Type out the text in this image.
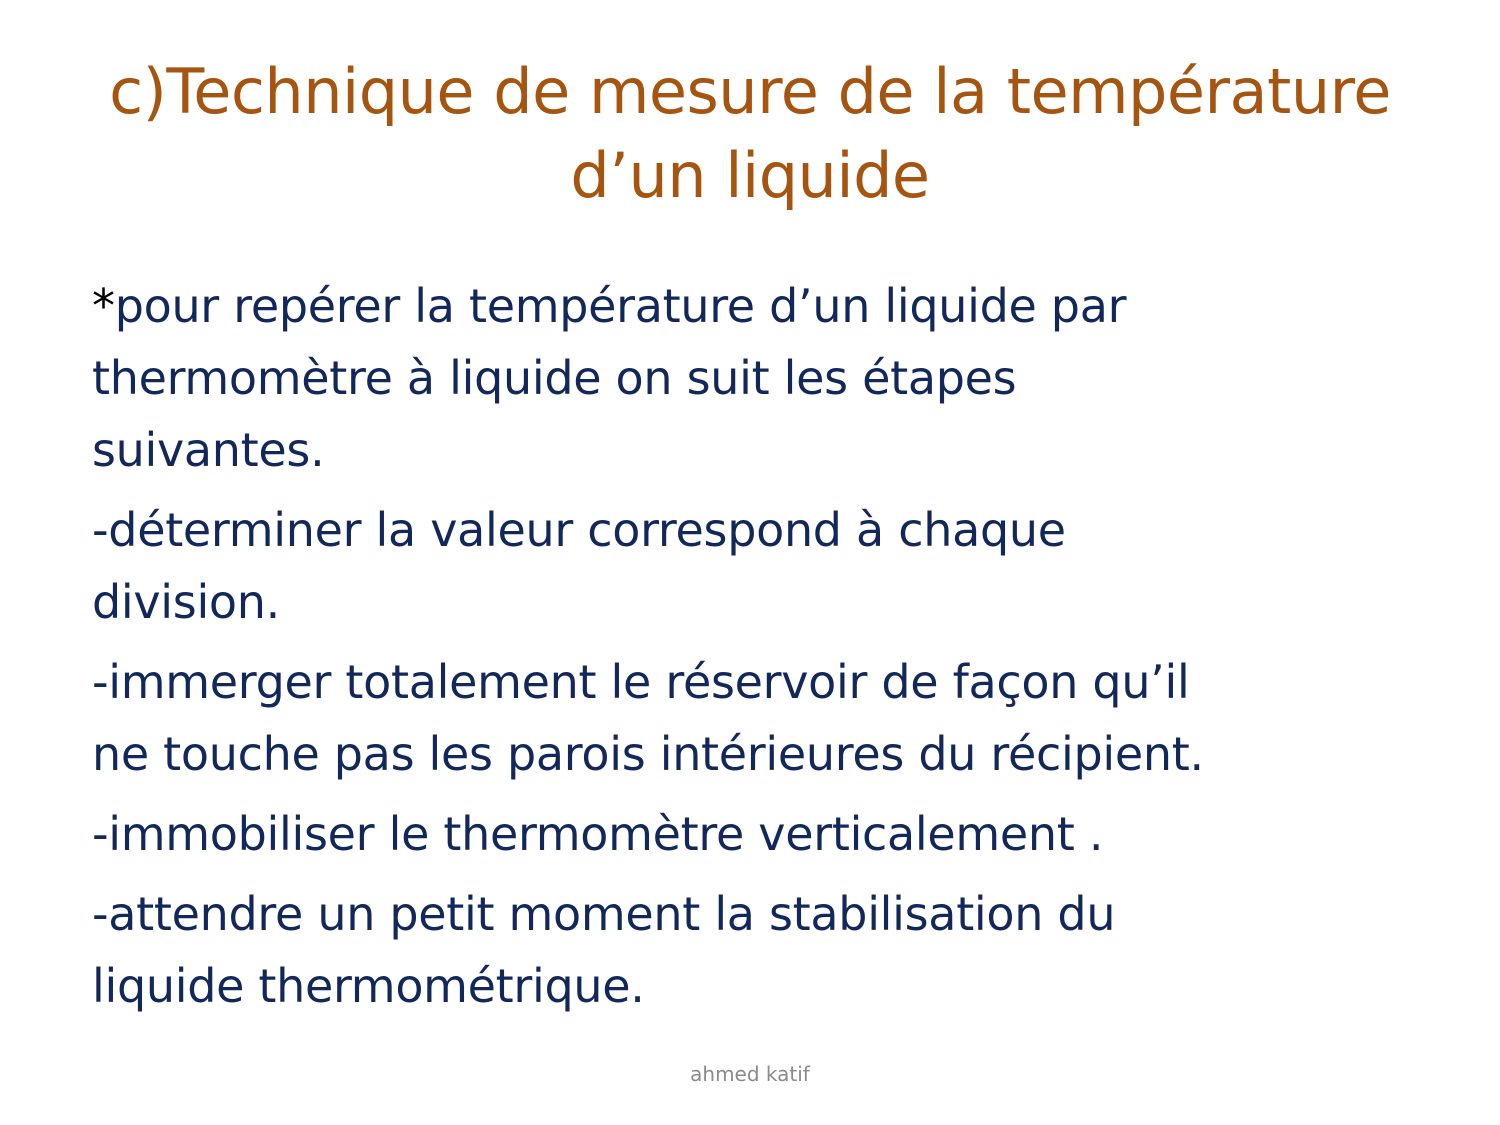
c)Technique de mesure de la température
d’un liquide
*pour repérer la température d’un liquide par
thermomètre à liquide on suit les étapes
suivantes.
-déterminer la valeur correspond à chaque
division.
-immerger totalement le réservoir de façon qu’il
ne touche pas les parois intérieures du récipient.
-immobiliser le thermomètre verticalement .
-attendre un petit moment la stabilisation du
liquide thermométrique.
ahmed katif
